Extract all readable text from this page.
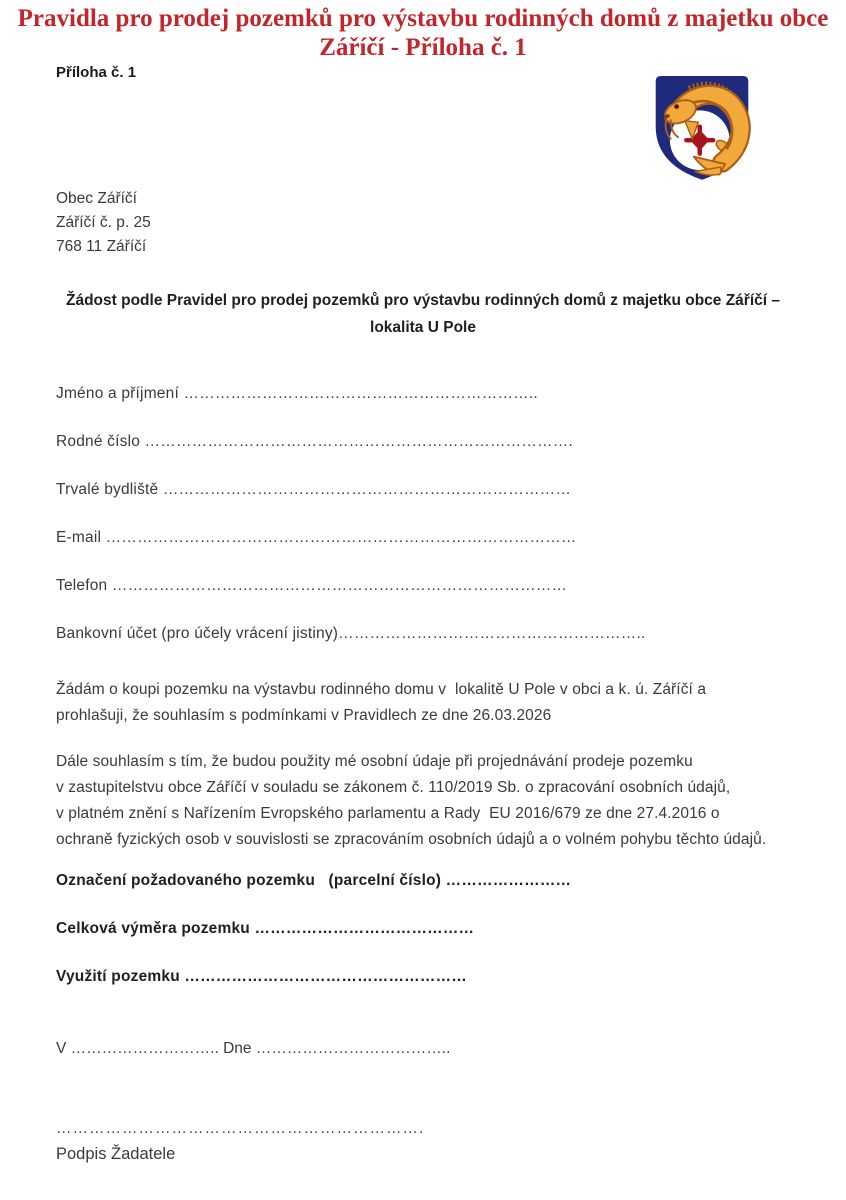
Pravidla pro prodej pozemků pro výstavbu rodinných domů z majetku obce
Záříčí - Příloha č. 1
Příloha č. 1
Obec Záříčí
Záříčí č. p. 25
768 11 Záříčí
Žádost podle Pravidel pro prodej pozemků pro výstavbu rodinných domů z majetku obce Záříčí –
lokalita U Pole
Jméno a příjmení …………………………………………………………..
Rodné číslo ……………………………………………………………………….
Trvalé bydliště ……………………………………………………………………
E-mail ………………………………………………………………………………
Telefon ……………………………………………………………………………
Bankovní účet (pro účely vrácení jistiny)…………………………………………………..
Žádám o koupi pozemku na výstavbu rodinného domu v  lokalitě U Pole v obci a k. ú. Záříčí a
prohlašuji, že souhlasím s podmínkami v Pravidlech ze dne 26.03.2026
Dále souhlasím s tím, že budou použity mé osobní údaje při projednávání prodeje pozemku
v zastupitelstvu obce Záříčí v souladu se zákonem č. 110/2019 Sb. o zpracování osobních údajů,
v platném znění s Nařízením Evropského parlamentu a Rady  EU 2016/679 ze dne 27.4.2016 o
ochraně fyzických osob v souvislosti se zpracováním osobních údajů a o volném pohybu těchto údajů.
Označení požadovaného pozemku   (parcelní číslo) ……………………
Celková výměra pozemku ……………………………………
Využití pozemku ………………………………………………
V ……………………….. Dne ………………………………..
………………………………………………………….
Podpis Žadatele
